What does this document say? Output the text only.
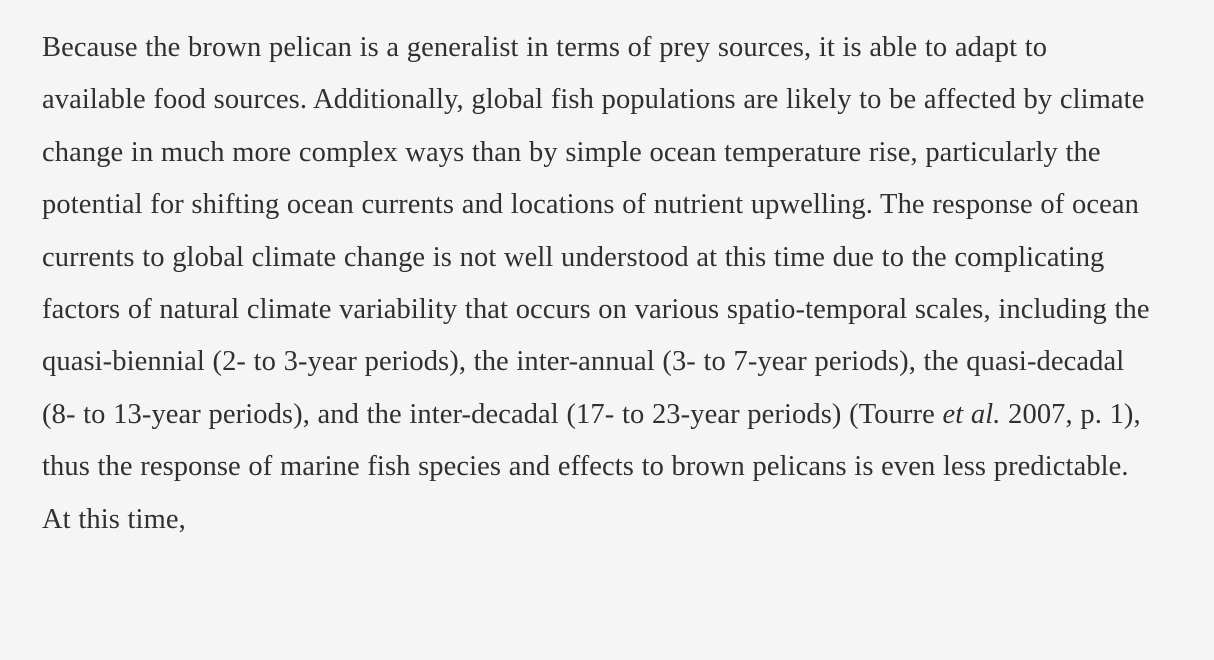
Because the brown pelican is a generalist in terms of prey sources, it is able to adapt to available food sources. Additionally, global fish populations are likely to be affected by climate change in much more complex ways than by simple ocean temperature rise, particularly the potential for shifting ocean currents and locations of nutrient upwelling. The response of ocean currents to global climate change is not well understood at this time due to the complicating factors of natural climate variability that occurs on various spatio-temporal scales, including the quasi-biennial (2- to 3-year periods), the inter-annual (3- to 7-year periods), the quasi-decadal (8- to 13-year periods), and the inter-decadal (17- to 23-year periods) (Tourre et al. 2007, p. 1), thus the response of marine fish species and effects to brown pelicans is even less predictable. At this time,
